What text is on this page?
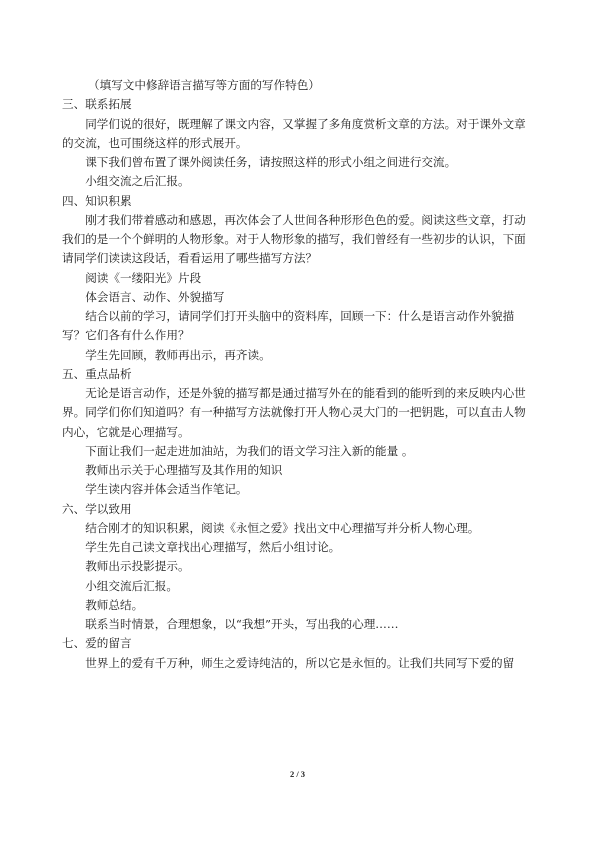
（填写文中修辞语言描写等方面的写作特色）

三、联系拓展

同学们说的很好，既理解了课文内容，又掌握了多角度赏析文章的方法。对于课外文章的交流，也可围绕这样的形式展开。

课下我们曾布置了课外阅读任务，请按照这样的形式小组之间进行交流。

小组交流之后汇报。

四、知识积累

刚才我们带着感动和感恩，再次体会了人世间各种形形色色的爱。阅读这些文章，打动我们的是一个个鲜明的人物形象。对于人物形象的描写，我们曾经有一些初步的认识，下面请同学们读读这段话，看看运用了哪些描写方法？

阅读《一缕阳光》片段

体会语言、动作、外貌描写

结合以前的学习，请同学们打开头脑中的资料库，回顾一下：什么是语言动作外貌描写？它们各有什么作用？

学生先回顾，教师再出示，再齐读。

五、重点品析

无论是语言动作，还是外貌的描写都是通过描写外在的能看到的能听到的来反映内心世界。同学们你们知道吗？有一种描写方法就像打开人物心灵大门的一把钥匙，可以直击人物内心，它就是心理描写。

下面让我们一起走进加油站，为我们的语文学习注入新的能量 。

教师出示关于心理描写及其作用的知识

学生读内容并体会适当作笔记。

六、学以致用

结合刚才的知识积累，阅读《永恒之爱》找出文中心理描写并分析人物心理。

学生先自己读文章找出心理描写，然后小组讨论。

教师出示投影提示。

小组交流后汇报。

教师总结。

联系当时情景，合理想象，以“我想”开头，写出我的心理……

七、爱的留言

世界上的爱有千万种，师生之爱诗纯洁的，所以它是永恒的。让我们共同写下爱的留

2 / 3
